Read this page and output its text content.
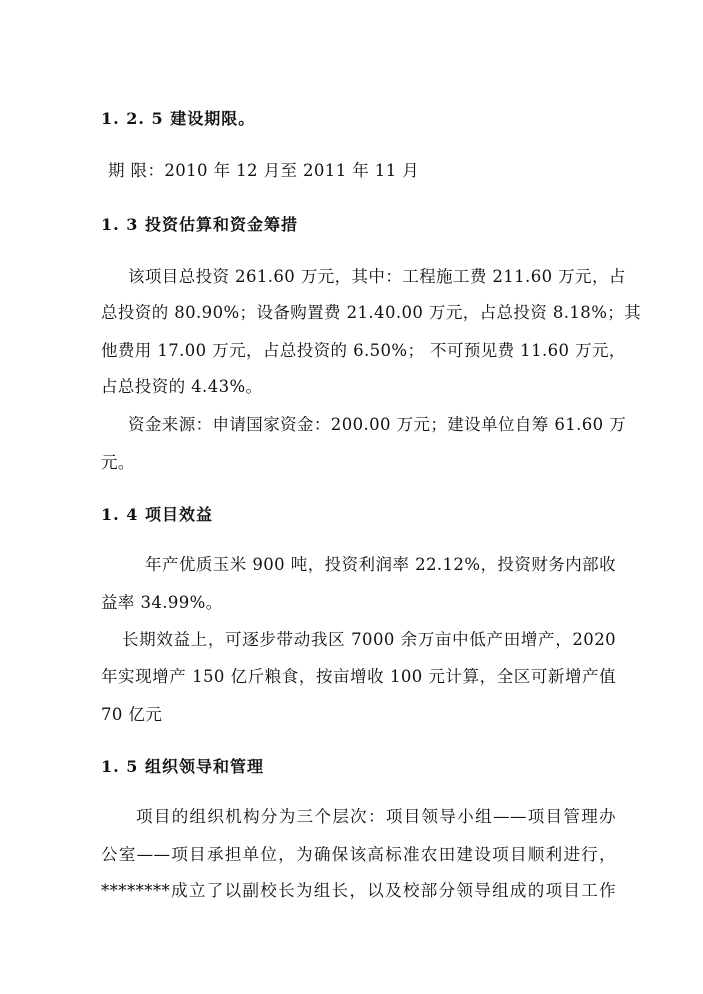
1. 2. 5 建设期限。
期 限：2010 年 12 月至 2011 年 11 月
1. 3 投资估算和资金筹措
该项目总投资 261.60 万元，其中：工程施工费 211.60 万元，占
总投资的 80.90%；设备购置费 21.40.00 万元，占总投资 8.18%；其
他费用 17.00 万元，占总投资的 6.50%； 不可预见费 11.60 万元，
占总投资的 4.43%。
资金来源：申请国家资金：200.00 万元；建设单位自筹 61.60 万
元。
1. 4 项目效益
年产优质玉米 900 吨，投资利润率 22.12%，投资财务内部收
益率 34.99%。
长期效益上，可逐步带动我区 7000 余万亩中低产田增产，2020
年实现增产 150 亿斤粮食，按亩增收 100 元计算，全区可新增产值
70 亿元
1. 5 组织领导和管理
项目的组织机构分为三个层次：项目领导小组——项目管理办
公室——项目承担单位，为确保该高标准农田建设项目顺利进行，
********成立了以副校长为组长，以及校部分领导组成的项目工作
